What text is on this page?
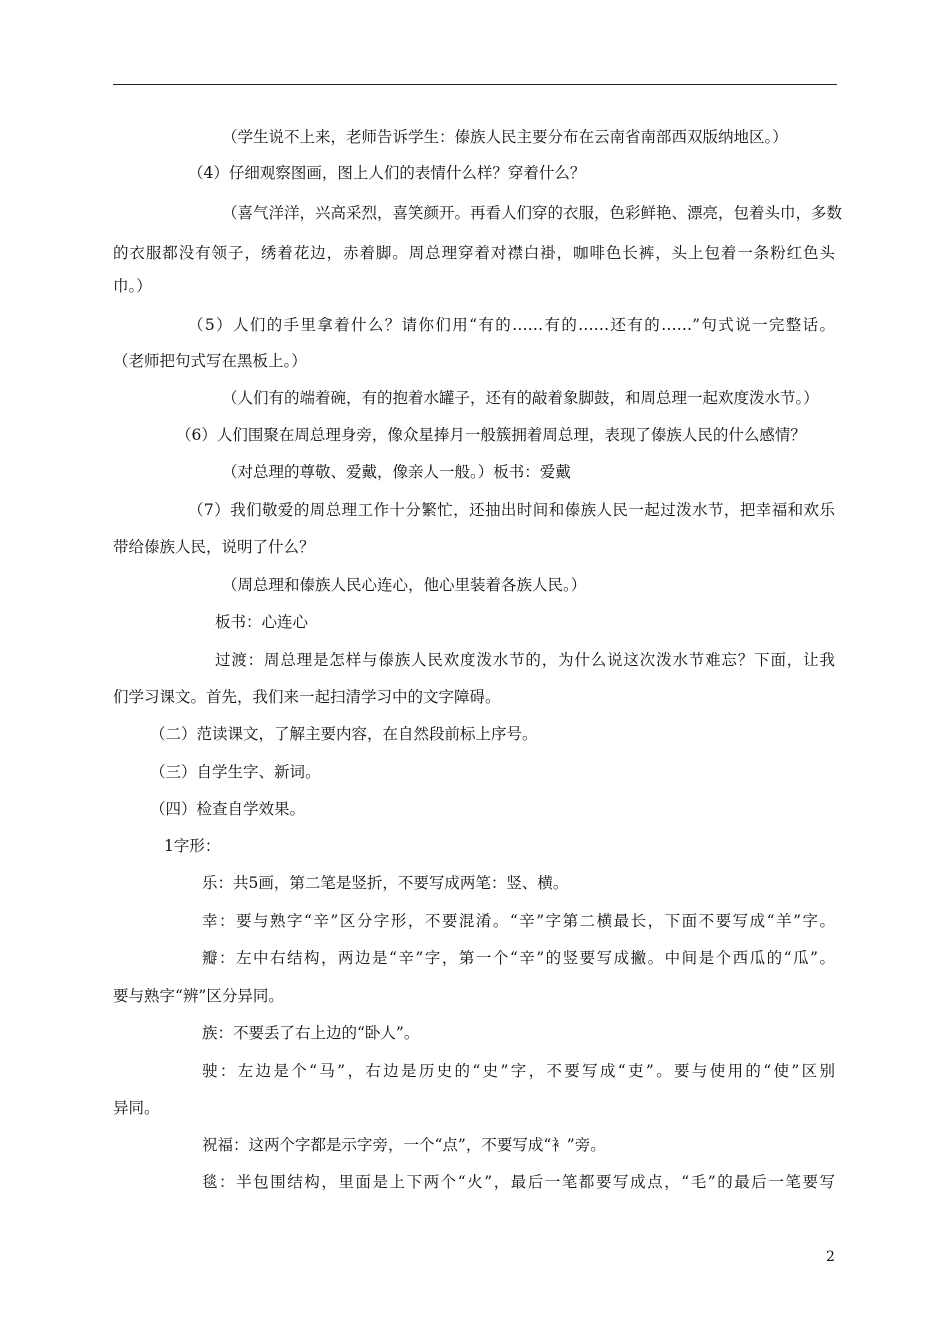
（学生说不上来，老师告诉学生：傣族人民主要分布在云南省南部西双版纳地区。）
（4）仔细观察图画，图上人们的表情什么样？穿着什么？
（喜气洋洋，兴高采烈，喜笑颜开。再看人们穿的衣服，色彩鲜艳、漂亮，包着头巾，多数
的衣服都没有领子，绣着花边，赤着脚。周总理穿着对襟白褂，咖啡色长裤，头上包着一条粉红色头
巾。）
（5）人们的手里拿着什么？请你们用“有的……有的……还有的……”句式说一完整话。
（老师把句式写在黑板上。）
（人们有的端着碗，有的抱着水罐子，还有的敲着象脚鼓，和周总理一起欢度泼水节。）
（6）人们围聚在周总理身旁，像众星捧月一般簇拥着周总理，表现了傣族人民的什么感情？
（对总理的尊敬、爱戴，像亲人一般。）板书：爱戴
（7）我们敬爱的周总理工作十分繁忙，还抽出时间和傣族人民一起过泼水节，把幸福和欢乐
带给傣族人民，说明了什么？
（周总理和傣族人民心连心，他心里装着各族人民。）
板书：心连心
过渡：周总理是怎样与傣族人民欢度泼水节的，为什么说这次泼水节难忘？下面，让我
们学习课文。首先，我们来一起扫清学习中的文字障碍。
（二）范读课文，了解主要内容，在自然段前标上序号。
（三）自学生字、新词。
（四）检查自学效果。
1字形：
乐：共5画，第二笔是竖折，不要写成两笔：竖、横。
幸：要与熟字“辛”区分字形，不要混淆。“辛”字第二横最长，下面不要写成“羊”字。
瓣：左中右结构，两边是“辛”字，第一个“辛”的竖要写成撇。中间是个西瓜的“瓜”。
要与熟字“辨”区分异同。
族：不要丢了右上边的“卧人”。
驶：左边是个“马”，右边是历史的“史”字，不要写成“吏”。要与使用的“使”区别
异同。
祝福：这两个字都是示字旁，一个“点”，不要写成“衤”旁。
毯：半包围结构，里面是上下两个“火”，最后一笔都要写成点，“毛”的最后一笔要写
2
